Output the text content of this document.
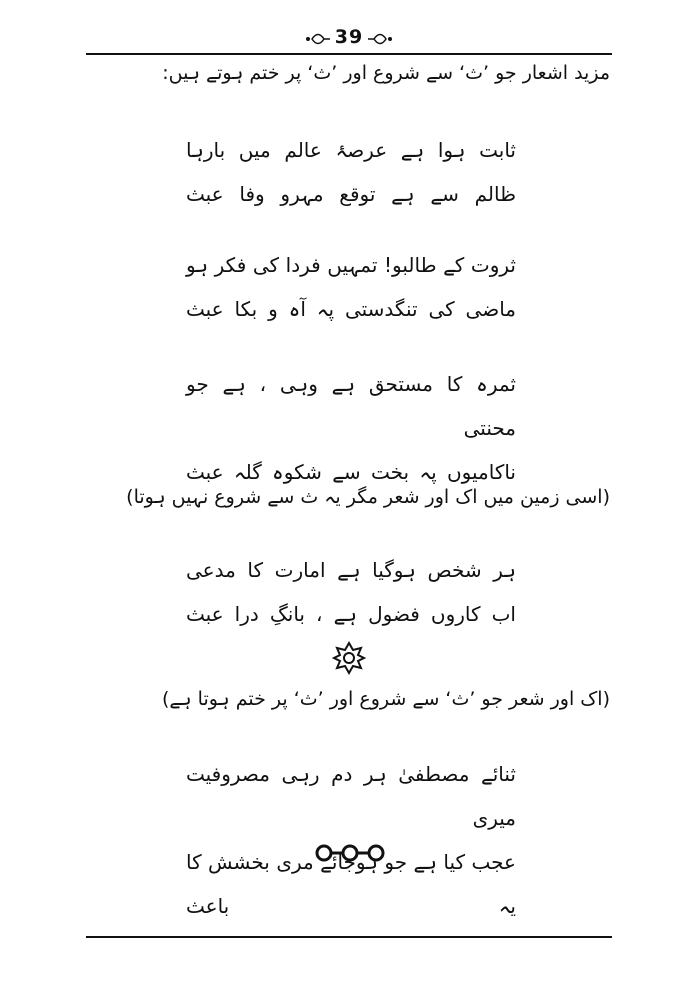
39
مزید اشعار جو ’ث‘ سے شروع اور ’ث‘ پر ختم ہوتے ہیں:
ثابت ہوا ہے عرصۂ عالم میں بارہا
ظالم سے ہے توقع مہرو وفا عبث
ثروت کے طالبو! تمہیں فردا کی فکر ہو
ماضی کی تنگدستی پہ آہ و بکا عبث
ثمرہ کا مستحق ہے وہی ، ہے جو محنتی
ناکامیوں پہ بخت سے شکوہ گلہ عبث
(اسی زمین میں اک اور شعر مگر یہ ث سے شروع نہیں ہوتا)
ہر شخص ہوگیا ہے امارت کا مدعی
اب کاروں فضول ہے ، بانگِ درا عبث
(اک اور شعر جو ’ث‘ سے شروع اور ’ث‘ پر ختم ہوتا ہے)
ثنائے مصطفیٰ ہر دم رہی مصروفیت میری
عجب کیا ہے جو ہوجائے مری بخشش کا یہ باعث
